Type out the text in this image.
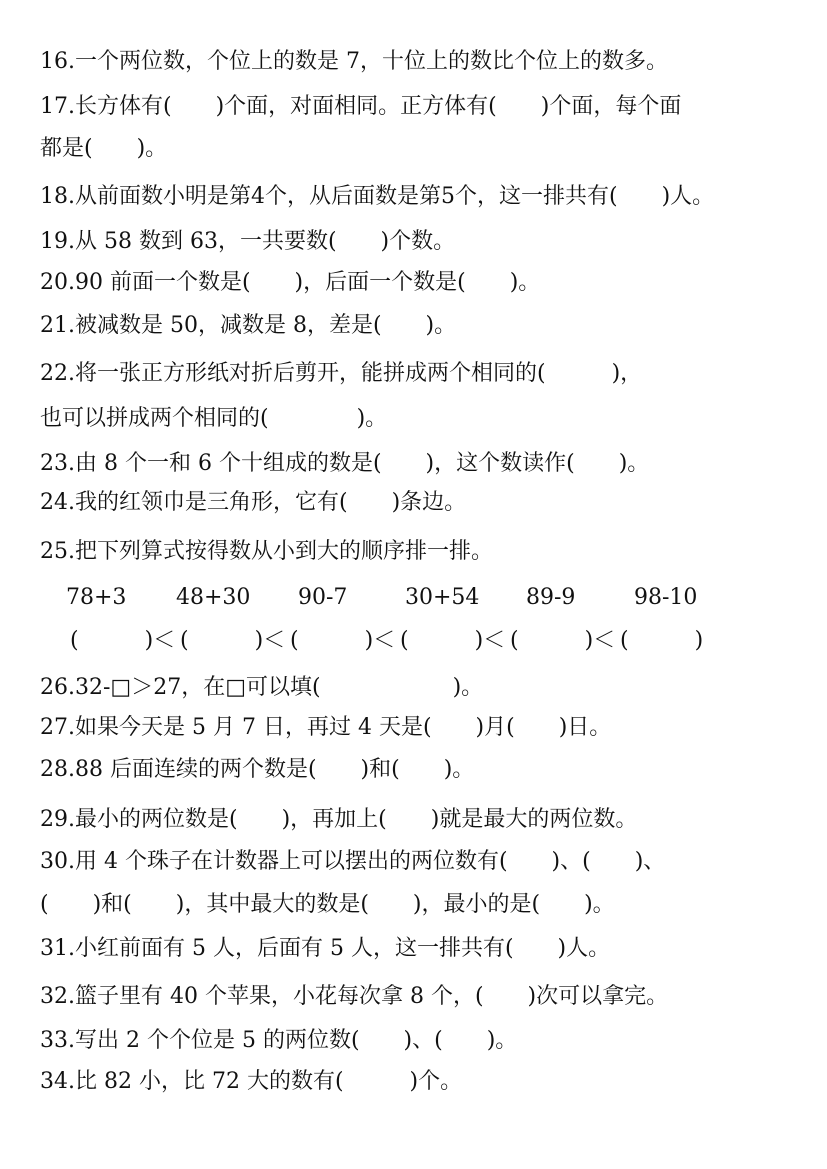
16.一个两位数，个位上的数是 7，十位上的数比个位上的数多。
17.长方体有(　　)个面，对面相同。正方体有(　　)个面，每个面
都是(　　)。
18.从前面数小明是第4个，从后面数是第5个，这一排共有(　　)人。
19.从 58 数到 63，一共要数(　　)个数。
20.90 前面一个数是(　　)，后面一个数是(　　)。
21.被减数是 50，减数是 8，差是(　　)。
22.将一张正方形纸对折后剪开，能拼成两个相同的(　　　)，
也可以拼成两个相同的(　　　　)。
23.由 8 个一和 6 个十组成的数是(　　)，这个数读作(　　)。
24.我的红领巾是三角形，它有(　　)条边。
25.把下列算式按得数从小到大的顺序排一排。
78+3 48+30 90-7	30+54 89-9	98-10
(　　　)＜ (　　　)＜ (　　　)＜ (　　　)＜ (　　　)＜ (　　　)
26.32-□＞27，在□可以填(　　　　　　)。
27.如果今天是 5 月 7 日，再过 4 天是(　　)月(　　)日。
28.88 后面连续的两个数是(　　)和(　　)。
29.最小的两位数是(　　)，再加上(　　)就是最大的两位数。
30.用 4 个珠子在计数器上可以摆出的两位数有(　　)、(　　)、
(　　)和(　　)，其中最大的数是(　　)，最小的是(　　)。
31.小红前面有 5 人，后面有 5 人，这一排共有(　　)人。
32.篮子里有 40 个苹果，小花每次拿 8 个，(　　)次可以拿完。
33.写出 2 个个位是 5 的两位数(　　)、(　　)。
34.比 82 小，比 72 大的数有(　　　)个。
